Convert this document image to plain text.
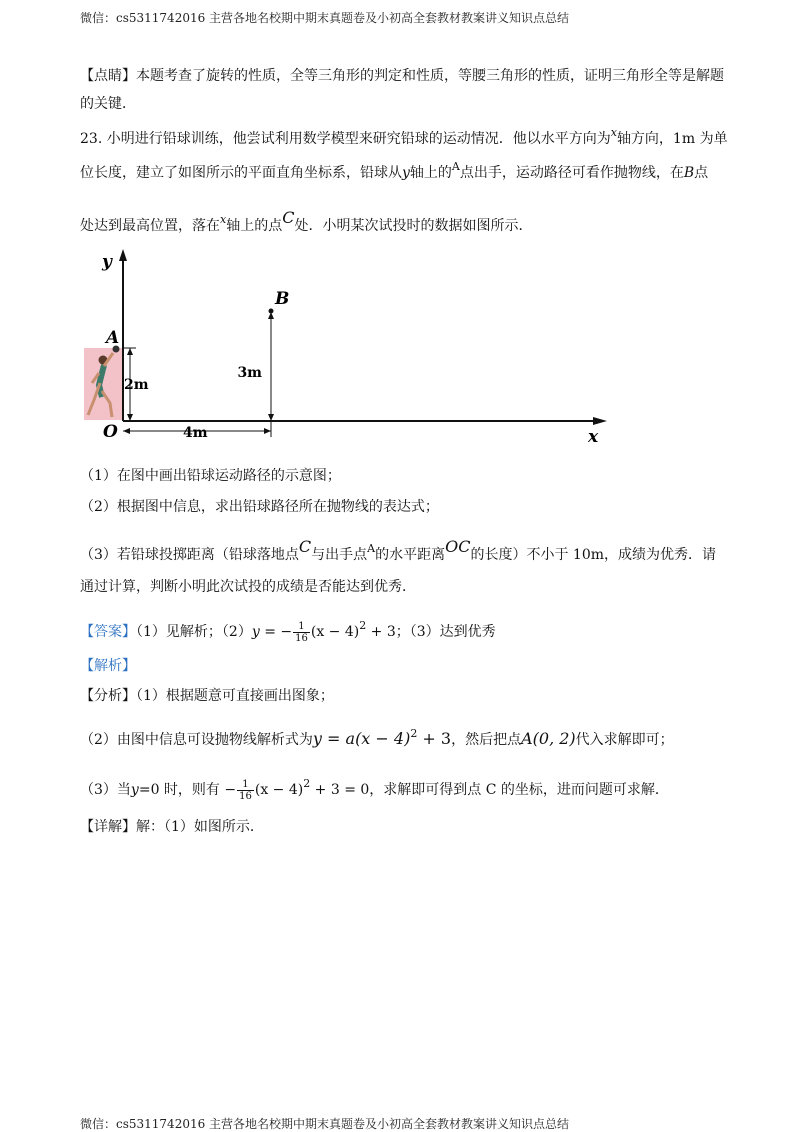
微信：cs5311742016 主营各地名校期中期末真题卷及小初高全套教材教案讲义知识点总结
【点睛】本题考查了旋转的性质，全等三角形的判定和性质，等腰三角形的性质，证明三角形全等是解题
的关键．
23. 小明进行铅球训练，他尝试利用数学模型来研究铅球的运动情况．他以水平方向为$^x$轴方向，1m 为单
位长度，建立了如图所示的平面直角坐标系，铅球从y轴上的$^A$点出手，运动路径可看作抛物线，在B点
处达到最高位置，落在$^x$轴上的点C处．小明某次试投时的数据如图所示．
y
x
O
A
B
2m
3m
4m
（1）在图中画出铅球运动路径的示意图；
（2）根据图中信息，求出铅球路径所在抛物线的表达式；
（3）若铅球投掷距离（铅球落地点C与出手点$^A$的水平距离OC的长度）不小于 10m，成绩为优秀．请
通过计算，判断小明此次试投的成绩是否能达到优秀．
【答案】（1）见解析；（2）y = − $\frac{1}{16} (x - 4)^2 + 3$；（3）达到优秀
【解析】
【分析】（1）根据题意可直接画出图象；
（2）由图中信息可设抛物线解析式为$y = a(x - 4)^2 + 3$，然后把点A(0, 2)代入求解即可；
（3）当y=0 时，则有 − $\frac{1}{16} (x - 4)^2 + 3 = 0$，求解即可得到点 C 的坐标，进而问题可求解．
【详解】解：（1）如图所示．
微信：cs5311742016 主营各地名校期中期末真题卷及小初高全套教材教案讲义知识点总结
